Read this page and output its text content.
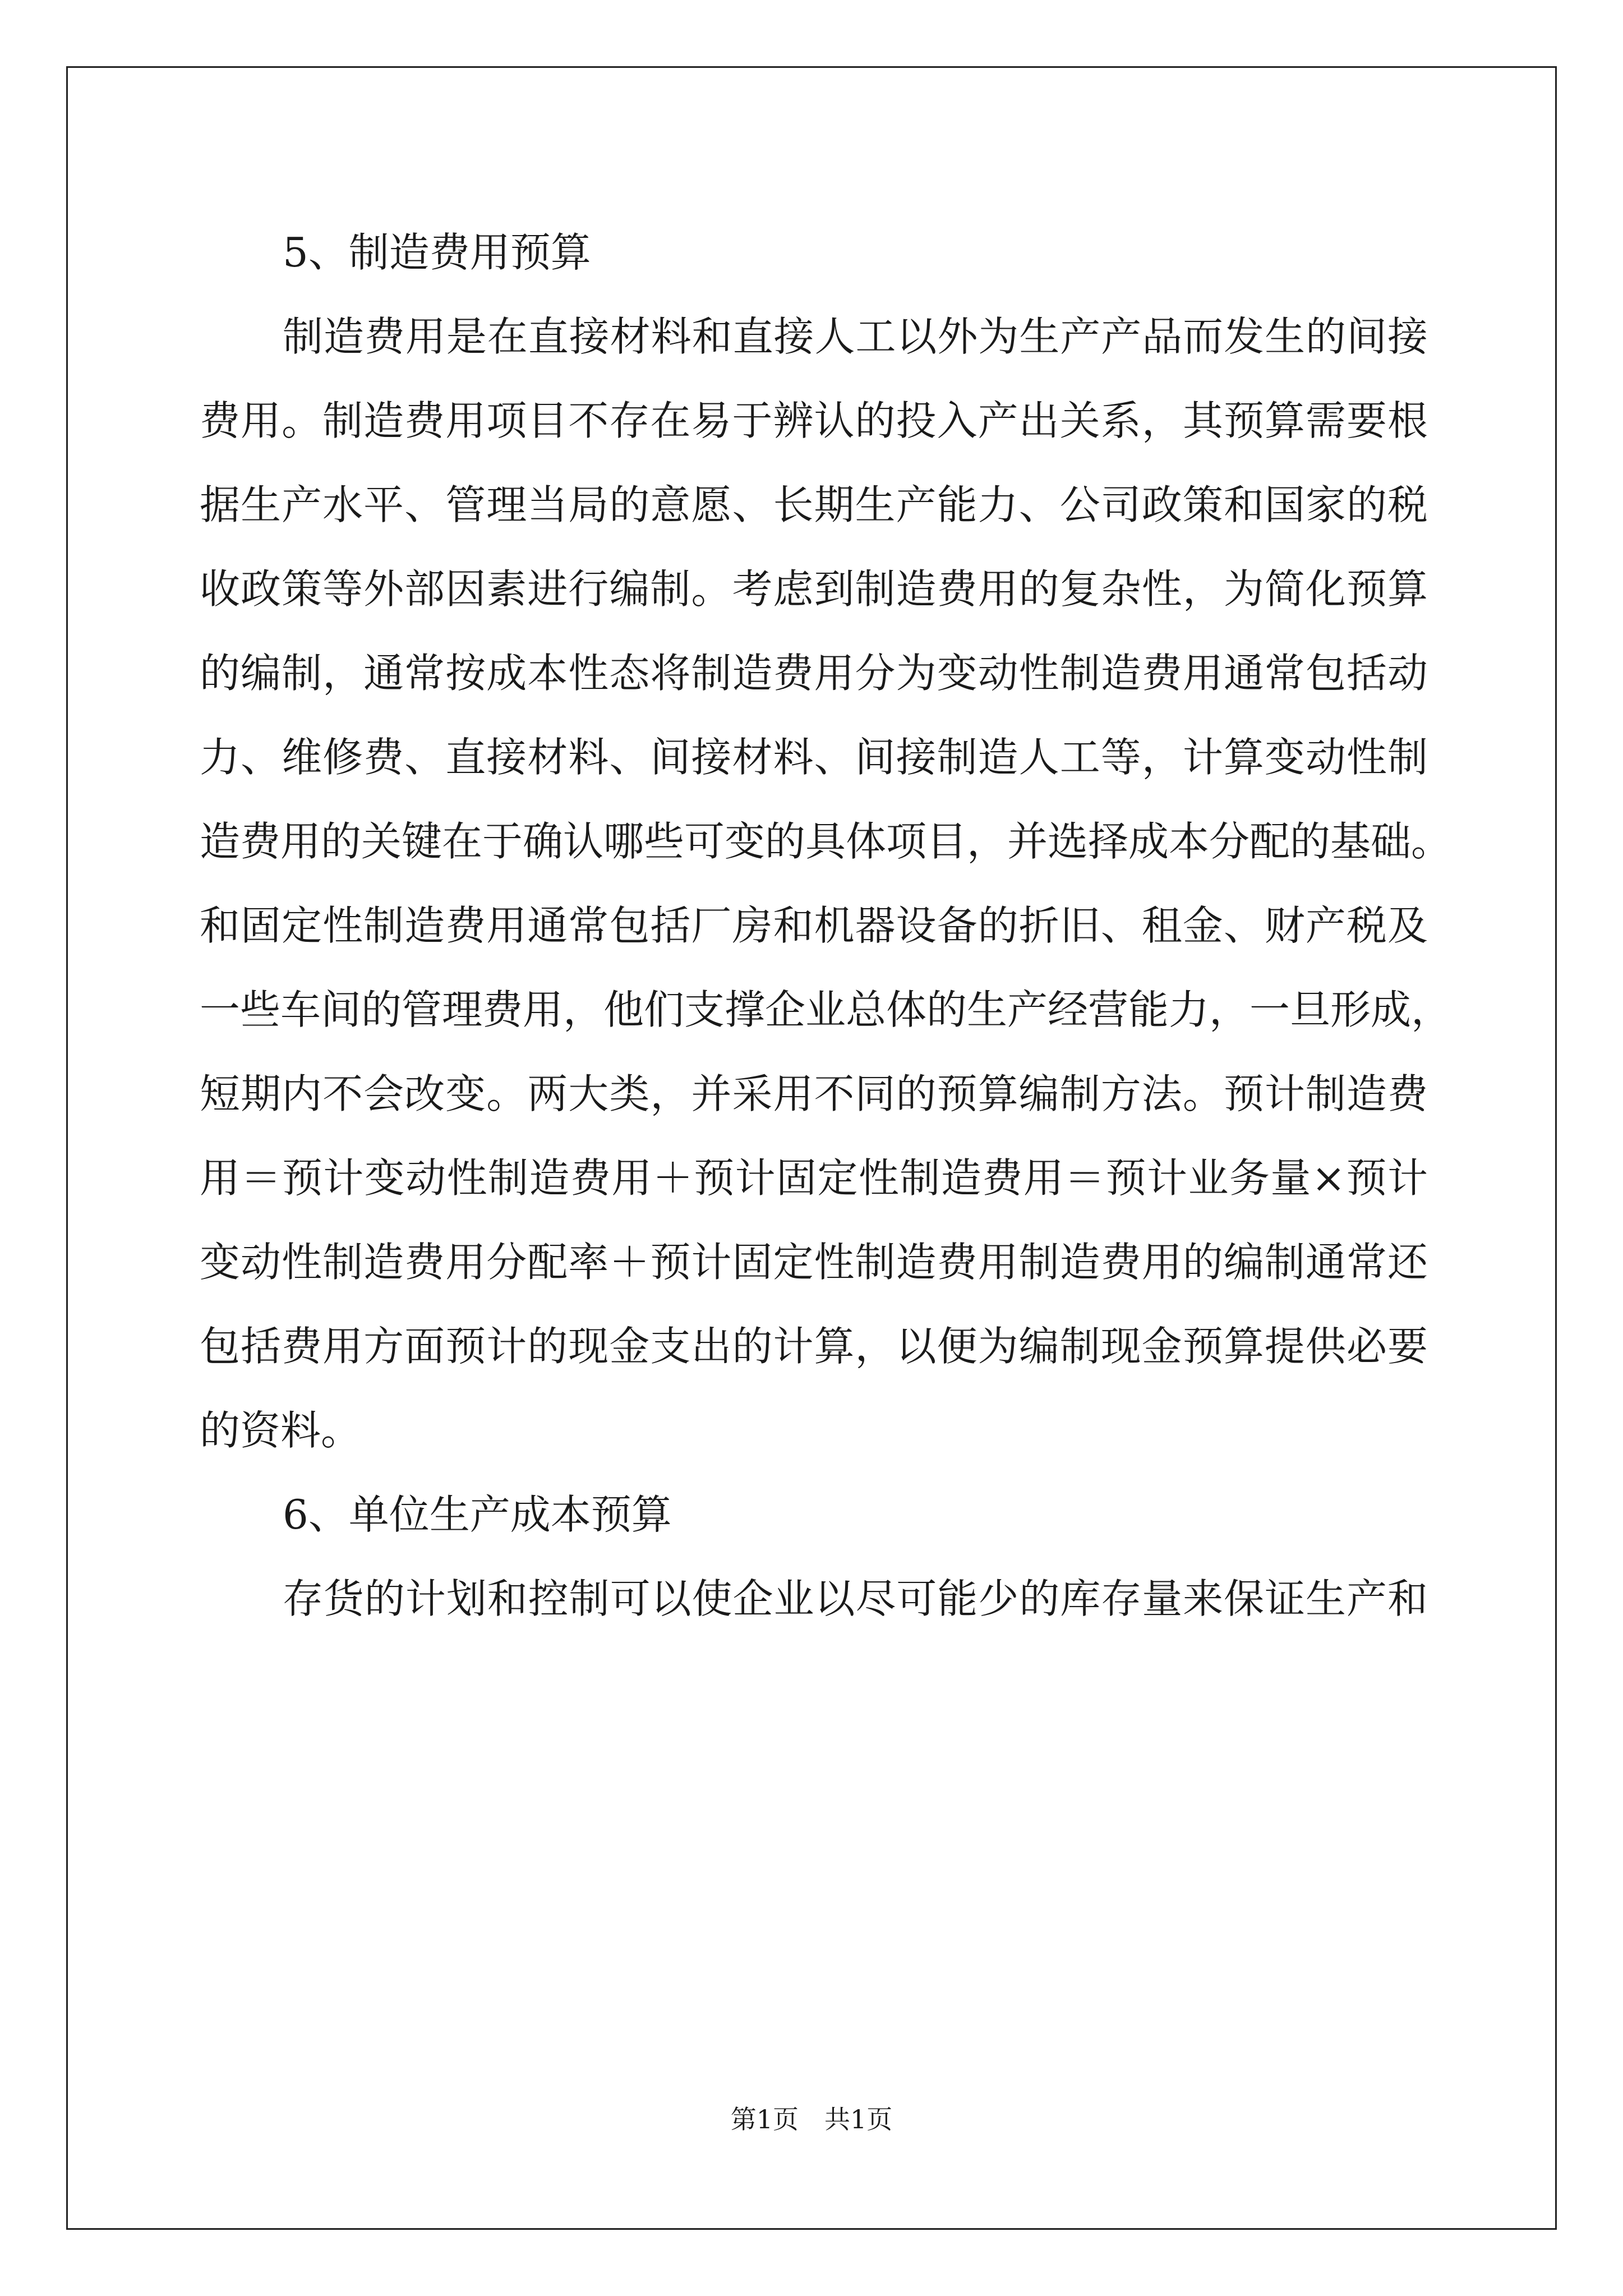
5、制造费用预算
制造费用是在直接材料和直接人工以外为生产产品而发生的间接
费用。制造费用项目不存在易于辨认的投入产出关系，其预算需要根
据生产水平、管理当局的意愿、长期生产能力、公司政策和国家的税
收政策等外部因素进行编制。考虑到制造费用的复杂性，为简化预算
的编制，通常按成本性态将制造费用分为变动性制造费用通常包括动
力、维修费、直接材料、间接材料、间接制造人工等，计算变动性制
造费用的关键在于确认哪些可变的具体项目，并选择成本分配的基础。
和固定性制造费用通常包括厂房和机器设备的折旧、租金、财产税及
一些车间的管理费用，他们支撑企业总体的生产经营能力，一旦形成，
短期内不会改变。两大类，并采用不同的预算编制方法。预计制造费
用＝预计变动性制造费用＋预计固定性制造费用＝预计业务量×预计
变动性制造费用分配率＋预计固定性制造费用制造费用的编制通常还
包括费用方面预计的现金支出的计算，以便为编制现金预算提供必要
的资料。
6、单位生产成本预算
存货的计划和控制可以使企业以尽可能少的库存量来保证生产和
第1页　共1页
